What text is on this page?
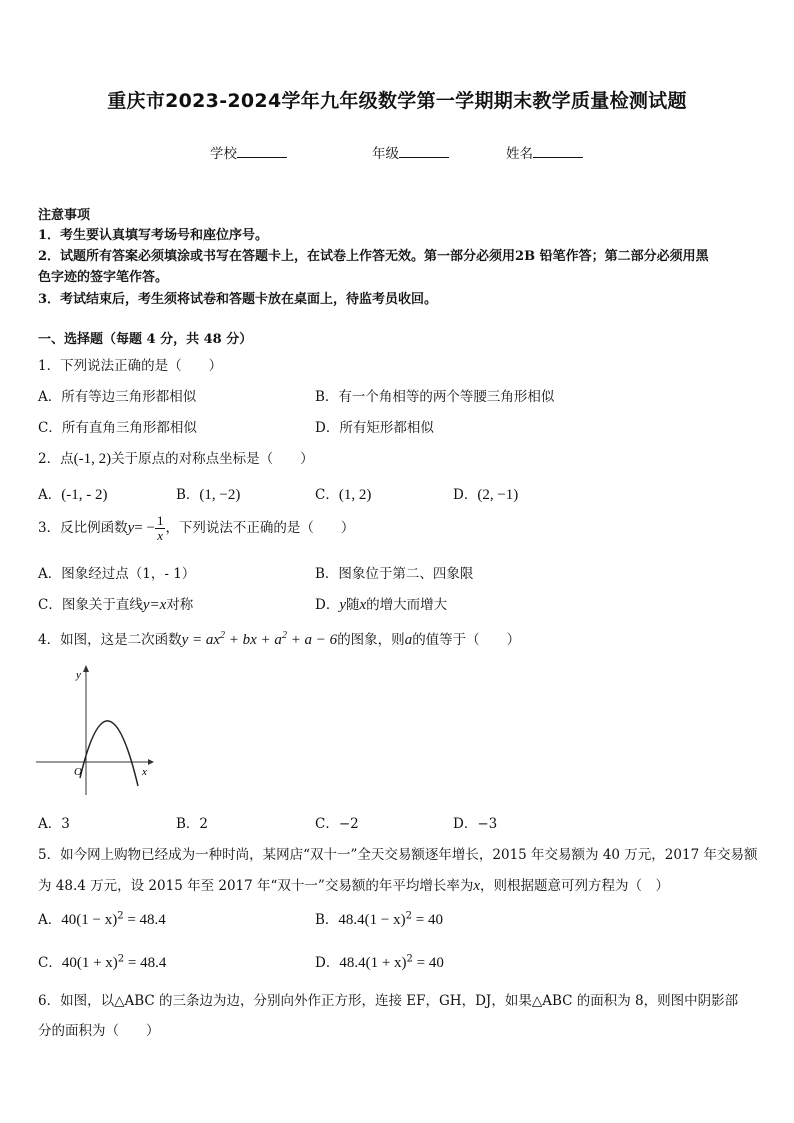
重庆市2023-2024学年九年级数学第一学期期末教学质量检测试题
学校	年级	姓名
注意事项
1．考生要认真填写考场号和座位序号。
2．试题所有答案必须填涂或书写在答题卡上，在试卷上作答无效。第一部分必须用2B 铅笔作答；第二部分必须用黑
色字迹的签字笔作答。
3．考试结束后，考生须将试卷和答题卡放在桌面上，待监考员收回。
一、选择题（每题 4 分，共 48 分）
1．下列说法正确的是（　　）
A．所有等边三角形都相似	B．有一个角相等的两个等腰三角形相似
C．所有直角三角形都相似	D．所有矩形都相似
2．点(-1, 2)关于原点的对称点坐标是（　　）
A．(-1, - 2)	B．(1, −2)	C．(1, 2)	D．(2, −1)
3．反比例函数$y= - \frac{1}{x}$ ，下列说法不正确的是（　　）
A．图象经过点（1，- 1）	B．图象位于第二、四象限
C．图象关于直线y=x对称	D．y随x的增大而增大
4．如图，这是二次函数$y = ax^2$ + bx + $a^2 + a - 6$的图象，则a的值等于（　　）
y
x
O
A．3	B．2	C．−2	D．−3
5．如今网上购物已经成为一种时尚，某网店“双十一”全天交易额逐年增长，2015 年交易额为 40 万元，2017 年交易额
为 48.4 万元，设 2015 年至 2017 年“双十一”交易额的年平均增长率为x，则根据题意可列方程为（　）
A．$40(1 - x)^2 = 48.4$	B．$48.4(1 - x)^2 = 40$
C．$40(1 + x)^2 = 48.4$	D．$48.4(1 + x)^2 = 40$
6．如图，以△ABC 的三条边为边，分别向外作正方形，连接 EF，GH，DJ，如果△ABC 的面积为 8，则图中阴影部
分的面积为（　　）
